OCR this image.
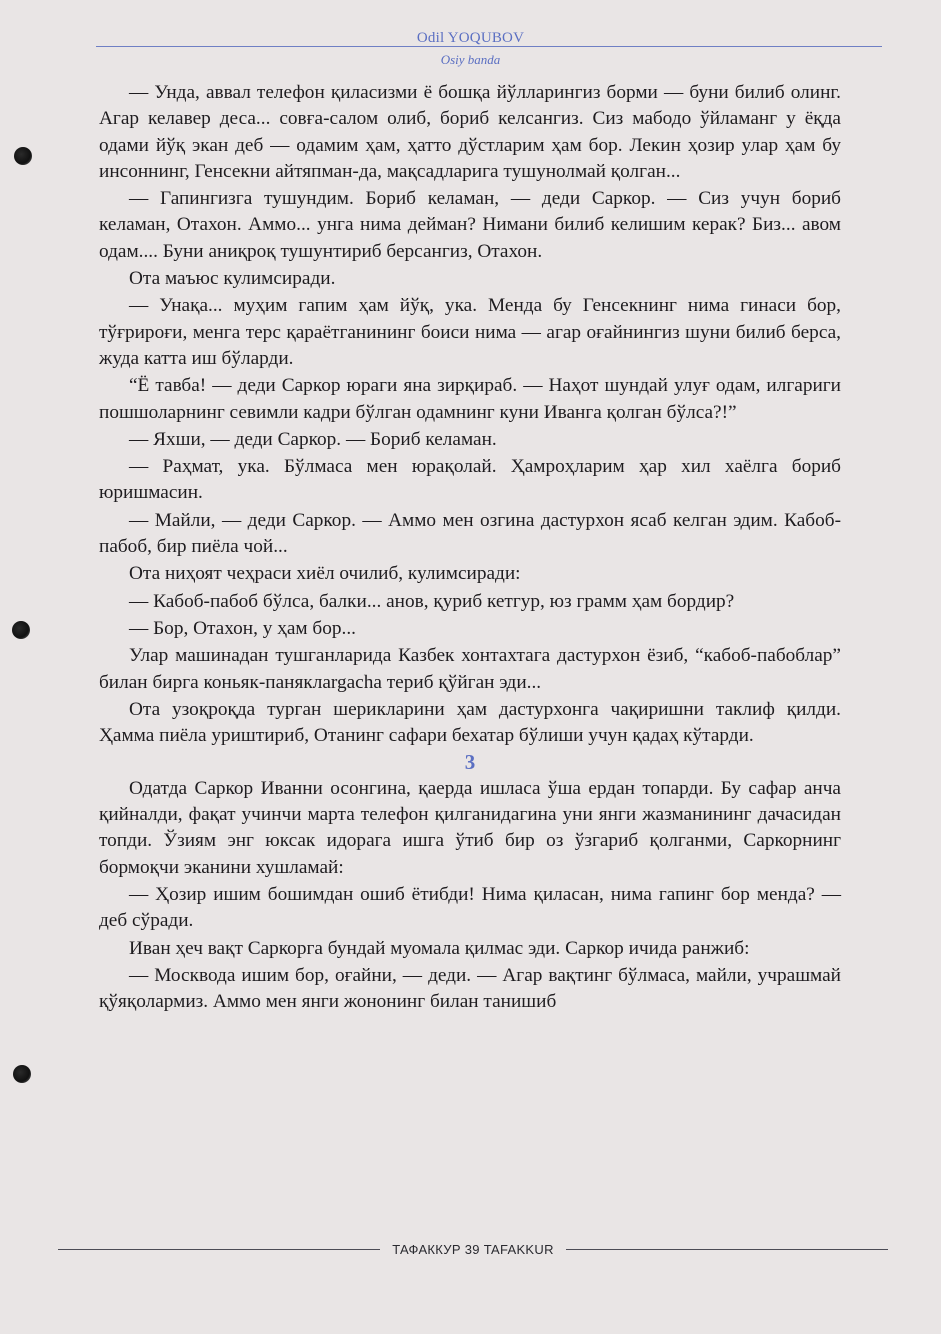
Odil YOQUBOV
Osiy banda

— Унда, аввал телефон қиласизми ё бошқа йўлларингиз борми — буни билиб олинг. Агар келавер деса... совға-салом олиб, бориб келсангиз. Сиз мабодо ўйламанг у ёқда одами йўқ экан деб — одамим ҳам, ҳатто дўстларим ҳам бор. Лекин ҳозир улар ҳам бу инсоннинг, Генсекни айтяпман-да, мақсадларига тушунолмай қолган...

— Гапингизга тушундим. Бориб келаман, — деди Саркор. — Сиз учун бориб келаман, Отахон. Аммо... унга нима дейман? Нимани билиб келишим керак? Биз... авом одам.... Буни аниқроқ тушунтириб берсангиз, Отахон.

Ота маъюс кулимсиради.

— Унақа... муҳим гапим ҳам йўқ, ука. Менда бу Генсекнинг нима гинаси бор, тўғрироғи, менга терс қараётганининг боиси нима — агар оғайнингиз шуни билиб берса, жуда катта иш бўларди.

“Ё тавба! — деди Саркор юраги яна зирқираб. — Наҳот шундай улуғ одам, илгариги пошшоларнинг севимли кадри бўлган одамнинг куни Иванга қолган бўлса?!”

— Яхши, — деди Саркор. — Бориб келаман.

— Раҳмат, ука. Бўлмаса мен юрақолай. Ҳамроҳларим ҳар хил хаёлга бориб юришмасин.

— Майли, — деди Саркор. — Аммо мен озгина дастурхон ясаб келган эдим. Кабоб-пабоб, бир пиёла чой...

Ота ниҳоят чеҳраси хиёл очилиб, кулимсиради:

— Кабоб-пабоб бўлса, балки... анов, қуриб кетгур, юз грамм ҳам бордир?

— Бор, Отахон, у ҳам бор...

Улар машинадан тушганларида Казбек хонтахтага дастурхон ёзиб, “кабоб-пабоблар” билан бирга коньяк-паняклargacha териб қўйган эди...

Ота узоқроқда турган шерикларини ҳам дастурхонга чақиришни таклиф қилди. Ҳамма пиёла уриштириб, Отанинг сафари бехатар бўлиши учун қадаҳ кўтарди.

3

Одатда Саркор Иванни осонгина, қаерда ишласа ўша ердан топарди. Бу сафар анча қийналди, фақат учинчи марта телефон қилганидагина уни янги жазманининг дачасидан топди. Ўзиям энг юксак идорага ишга ўтиб бир оз ўзгариб қолганми, Саркорнинг бормоқчи эканини хушламай:

— Ҳозир ишим бошимдан ошиб ётибди! Нима қиласан, нима гапинг бор менда? — деб сўради.

Иван ҳеч вақт Саркорга бундай муомала қилмас эди. Саркор ичида ранжиб:

— Москвода ишим бор, оғайни, — деди. — Агар вақтинг бўлмаса, майли, учрашмай қўяқолармиз. Аммо мен янги жононинг билан танишиб

ТАФАККУР 39 TAFAKKUR
